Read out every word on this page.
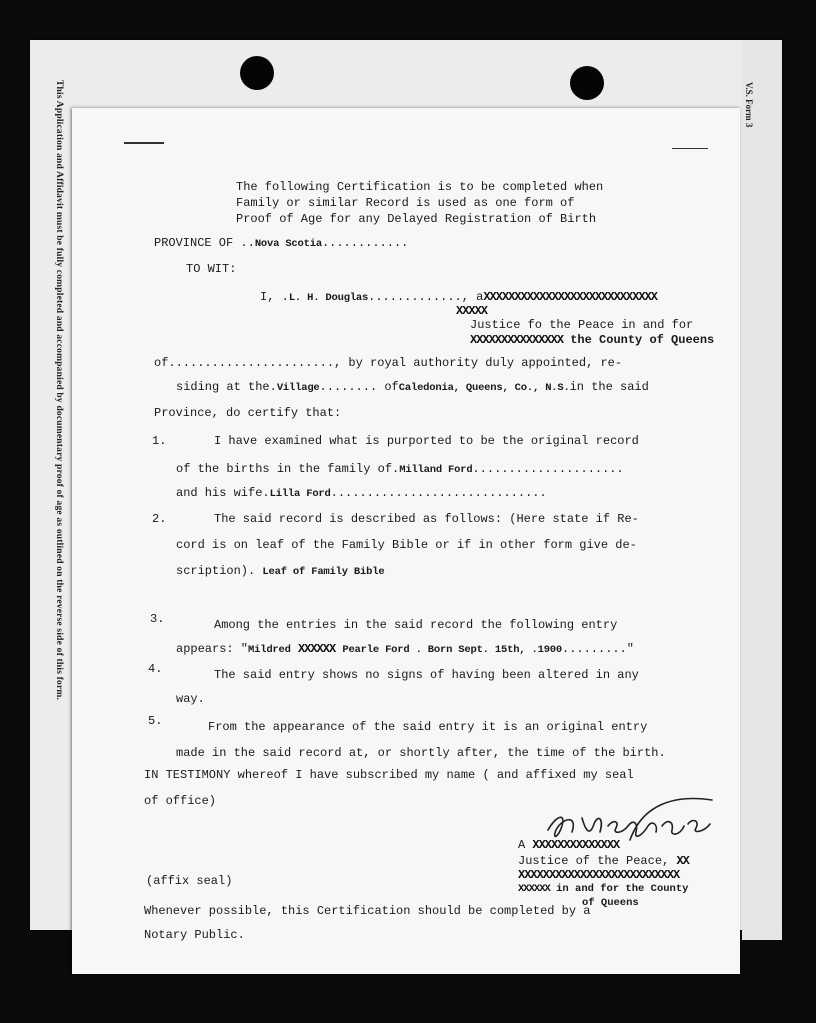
V.S. Form 3
This Application and Affidavit must be fully completed and accompanied by documentary proof of age as outlined on the reverse side of this form.	The following Certification is to be completed when
Family or similar Record is used as one form of
Proof of Age for any Delayed Registration of Birth
PROVINCE OF ..Nova Scotia............
TO WIT:
I, .L. H. Douglas............., aXXXXXXXXXXXXXXXXXXXXXXXXXXXX
XXXXX
Justice fo the Peace in and for
XXXXXXXXXXXXXXX the County of Queens
of......................., by royal authority duly appointed, re-
siding at the.Village........ ofCaledonia, Queens, Co., N.S.in the said
Province, do certify that:
1.	I have examined what is purported to be the original record
of the births in the family of.Milland Ford.....................
and his wife.Lilla Ford..............................
2.	The said record is described as follows: (Here state if Re-
cord is on leaf of the Family Bible or if in other form give de-
scription). Leaf of Family Bible
3.	Among the entries in the said record the following entry
appears: "Mildred XXXXXX Pearle Ford . Born Sept. 15th, .1900........."
4.	The said entry shows no signs of having been altered in any
way.
5.	From the appearance of the said entry it is an original entry
made in the said record at, or shortly after, the time of the birth.
IN TESTIMONY whereof I have subscribed my name ( and affixed my seal
of office)
A XXXXXXXXXXXXXX
Justice of the Peace, XX
XXXXXXXXXXXXXXXXXXXXXXXXXX
XXXXXX in and for the County
of Queens
(affix seal)
Whenever possible, this Certification should be completed by a
Notary Public.
